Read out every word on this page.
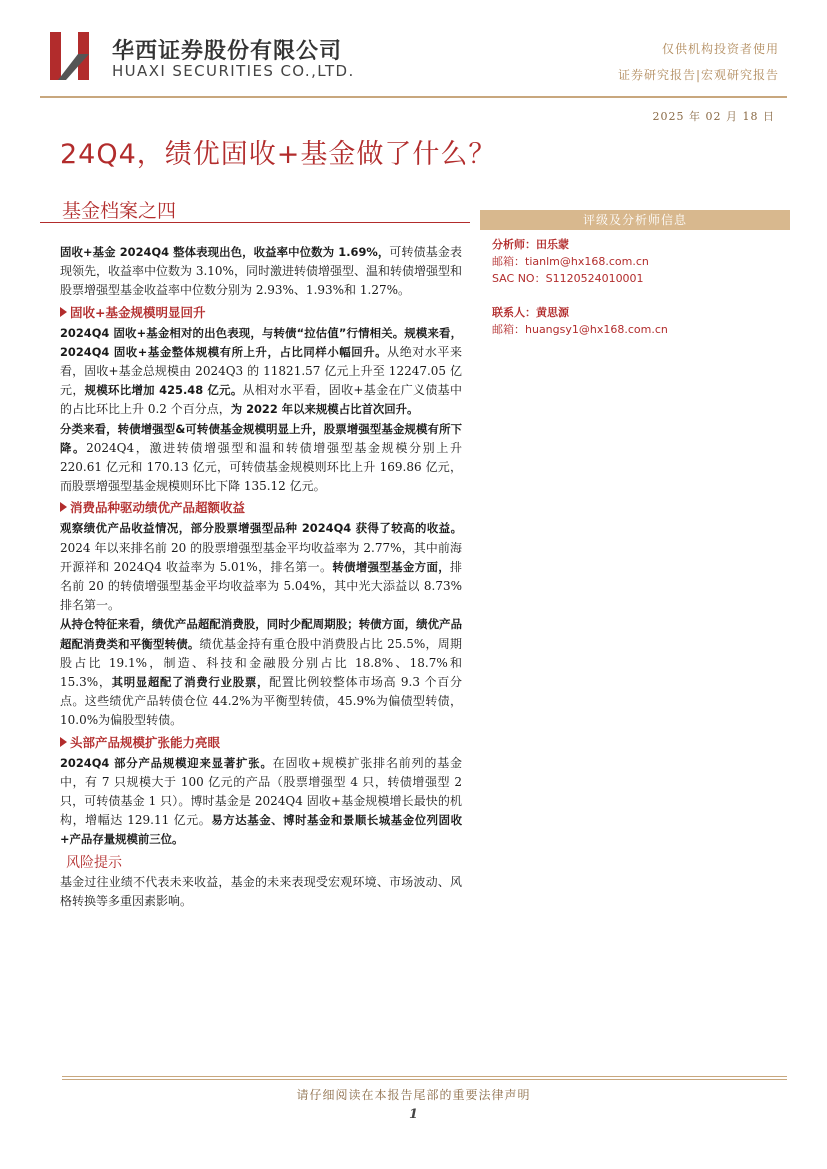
华西证券股份有限公司
HUAXI SECURITIES CO.,LTD.
仅供机构投资者使用
证券研究报告|宏观研究报告
2025 年 02 月 18 日
24Q4，绩优固收+基金做了什么？
基金档案之四

固收+基金 2024Q4 整体表现出色，收益率中位数为 1.69%，可转债基金表现领先，收益率中位数为 3.10%，同时激进转债增强型、温和转债增强型和股票增强型基金收益率中位数分别为 2.93%、1.93%和 1.27%。

固收+基金规模明显回升

2024Q4 固收+基金相对的出色表现，与转债“拉估值”行情相关。规模来看，2024Q4 固收+基金整体规模有所上升，占比同样小幅回升。从绝对水平来看，固收+基金总规模由 2024Q3 的 11821.57 亿元上升至 12247.05 亿元，规模环比增加 425.48 亿元。从相对水平看，固收+基金在广义债基中的占比环比上升 0.2 个百分点，为 2022 年以来规模占比首次回升。

分类来看，转债增强型&可转债基金规模明显上升，股票增强型基金规模有所下降。2024Q4，激进转债增强型和温和转债增强型基金规模分别上升 220.61 亿元和 170.13 亿元，可转债基金规模则环比上升 169.86 亿元，而股票增强型基金规模则环比下降 135.12 亿元。

消费品种驱动绩优产品超额收益

观察绩优产品收益情况，部分股票增强型品种 2024Q4 获得了较高的收益。2024 年以来排名前 20 的股票增强型基金平均收益率为 2.77%，其中前海开源祥和 2024Q4 收益率为 5.01%，排名第一。转债增强型基金方面，排名前 20 的转债增强型基金平均收益率为 5.04%，其中光大添益以 8.73%排名第一。

从持仓特征来看，绩优产品超配消费股，同时少配周期股；转债方面，绩优产品超配消费类和平衡型转债。绩优基金持有重仓股中消费股占比 25.5%，周期股占比 19.1%，制造、科技和金融股分别占比 18.8%、18.7%和 15.3%，其明显超配了消费行业股票，配置比例较整体市场高 9.3 个百分点。这些绩优产品转债仓位 44.2%为平衡型转债，45.9%为偏债型转债，10.0%为偏股型转债。

头部产品规模扩张能力亮眼

2024Q4 部分产品规模迎来显著扩张。在固收+规模扩张排名前列的基金中，有 7 只规模大于 100 亿元的产品（股票增强型 4 只，转债增强型 2 只，可转债基金 1 只）。博时基金是 2024Q4 固收+基金规模增长最快的机构，增幅达 129.11 亿元。易方达基金、博时基金和景顺长城基金位列固收+产品存量规模前三位。

风险提示

基金过往业绩不代表未来收益，基金的未来表现受宏观环境、市场波动、风格转换等多重因素影响。

评级及分析师信息
分析师：田乐蒙
邮箱：tianlm@hx168.com.cn
SAC NO：S1120524010001
联系人：黄思源
邮箱：huangsy1@hx168.com.cn
请仔细阅读在本报告尾部的重要法律声明
1
